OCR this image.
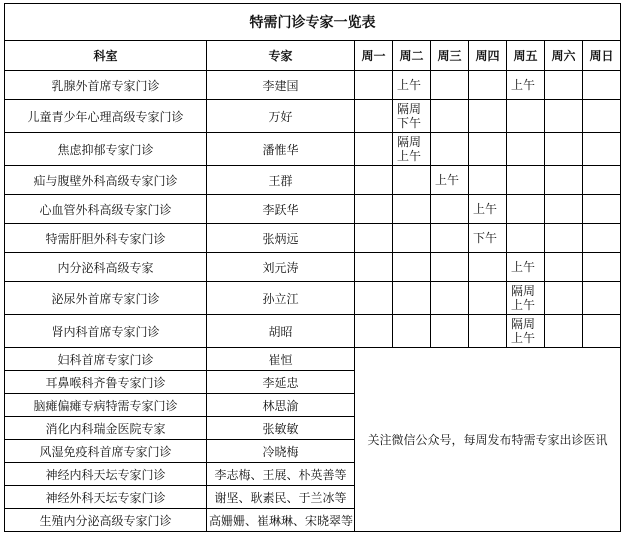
特需门诊专家一览表								
科室	专家	周一	周二	周三	周四	周五	周六	周日
乳腺外首席专家门诊	李建国		上午			上午		
儿童青少年心理高级专家门诊	万好		隔周下午					
焦虑抑郁专家门诊	潘惟华		隔周上午					
疝与腹壁外科高级专家门诊	王群			上午				
心血管外科高级专家门诊	李跃华				上午			
特需肝胆外科专家门诊	张炳远				下午			
内分泌科高级专家	刘元涛					上午		
泌尿外首席专家门诊	孙立江					隔周上午		
肾内科首席专家门诊	胡昭					隔周上午		
妇科首席专家门诊	崔恒	关注微信公众号，每周发布特需专家出诊医讯						
耳鼻喉科齐鲁专家门诊	李延忠							
脑瘫偏瘫专病特需专家门诊	林思渝							
消化内科瑞金医院专家	张敏敏							
风湿免疫科首席专家门诊	冷晓梅							
神经内科天坛专家门诊	李志梅、王展、朴英善等							
神经外科天坛专家门诊	谢坚、耿素民、于兰冰等							
生殖内分泌高级专家门诊	高姗姗、崔琳琳、宋晓翠等							
